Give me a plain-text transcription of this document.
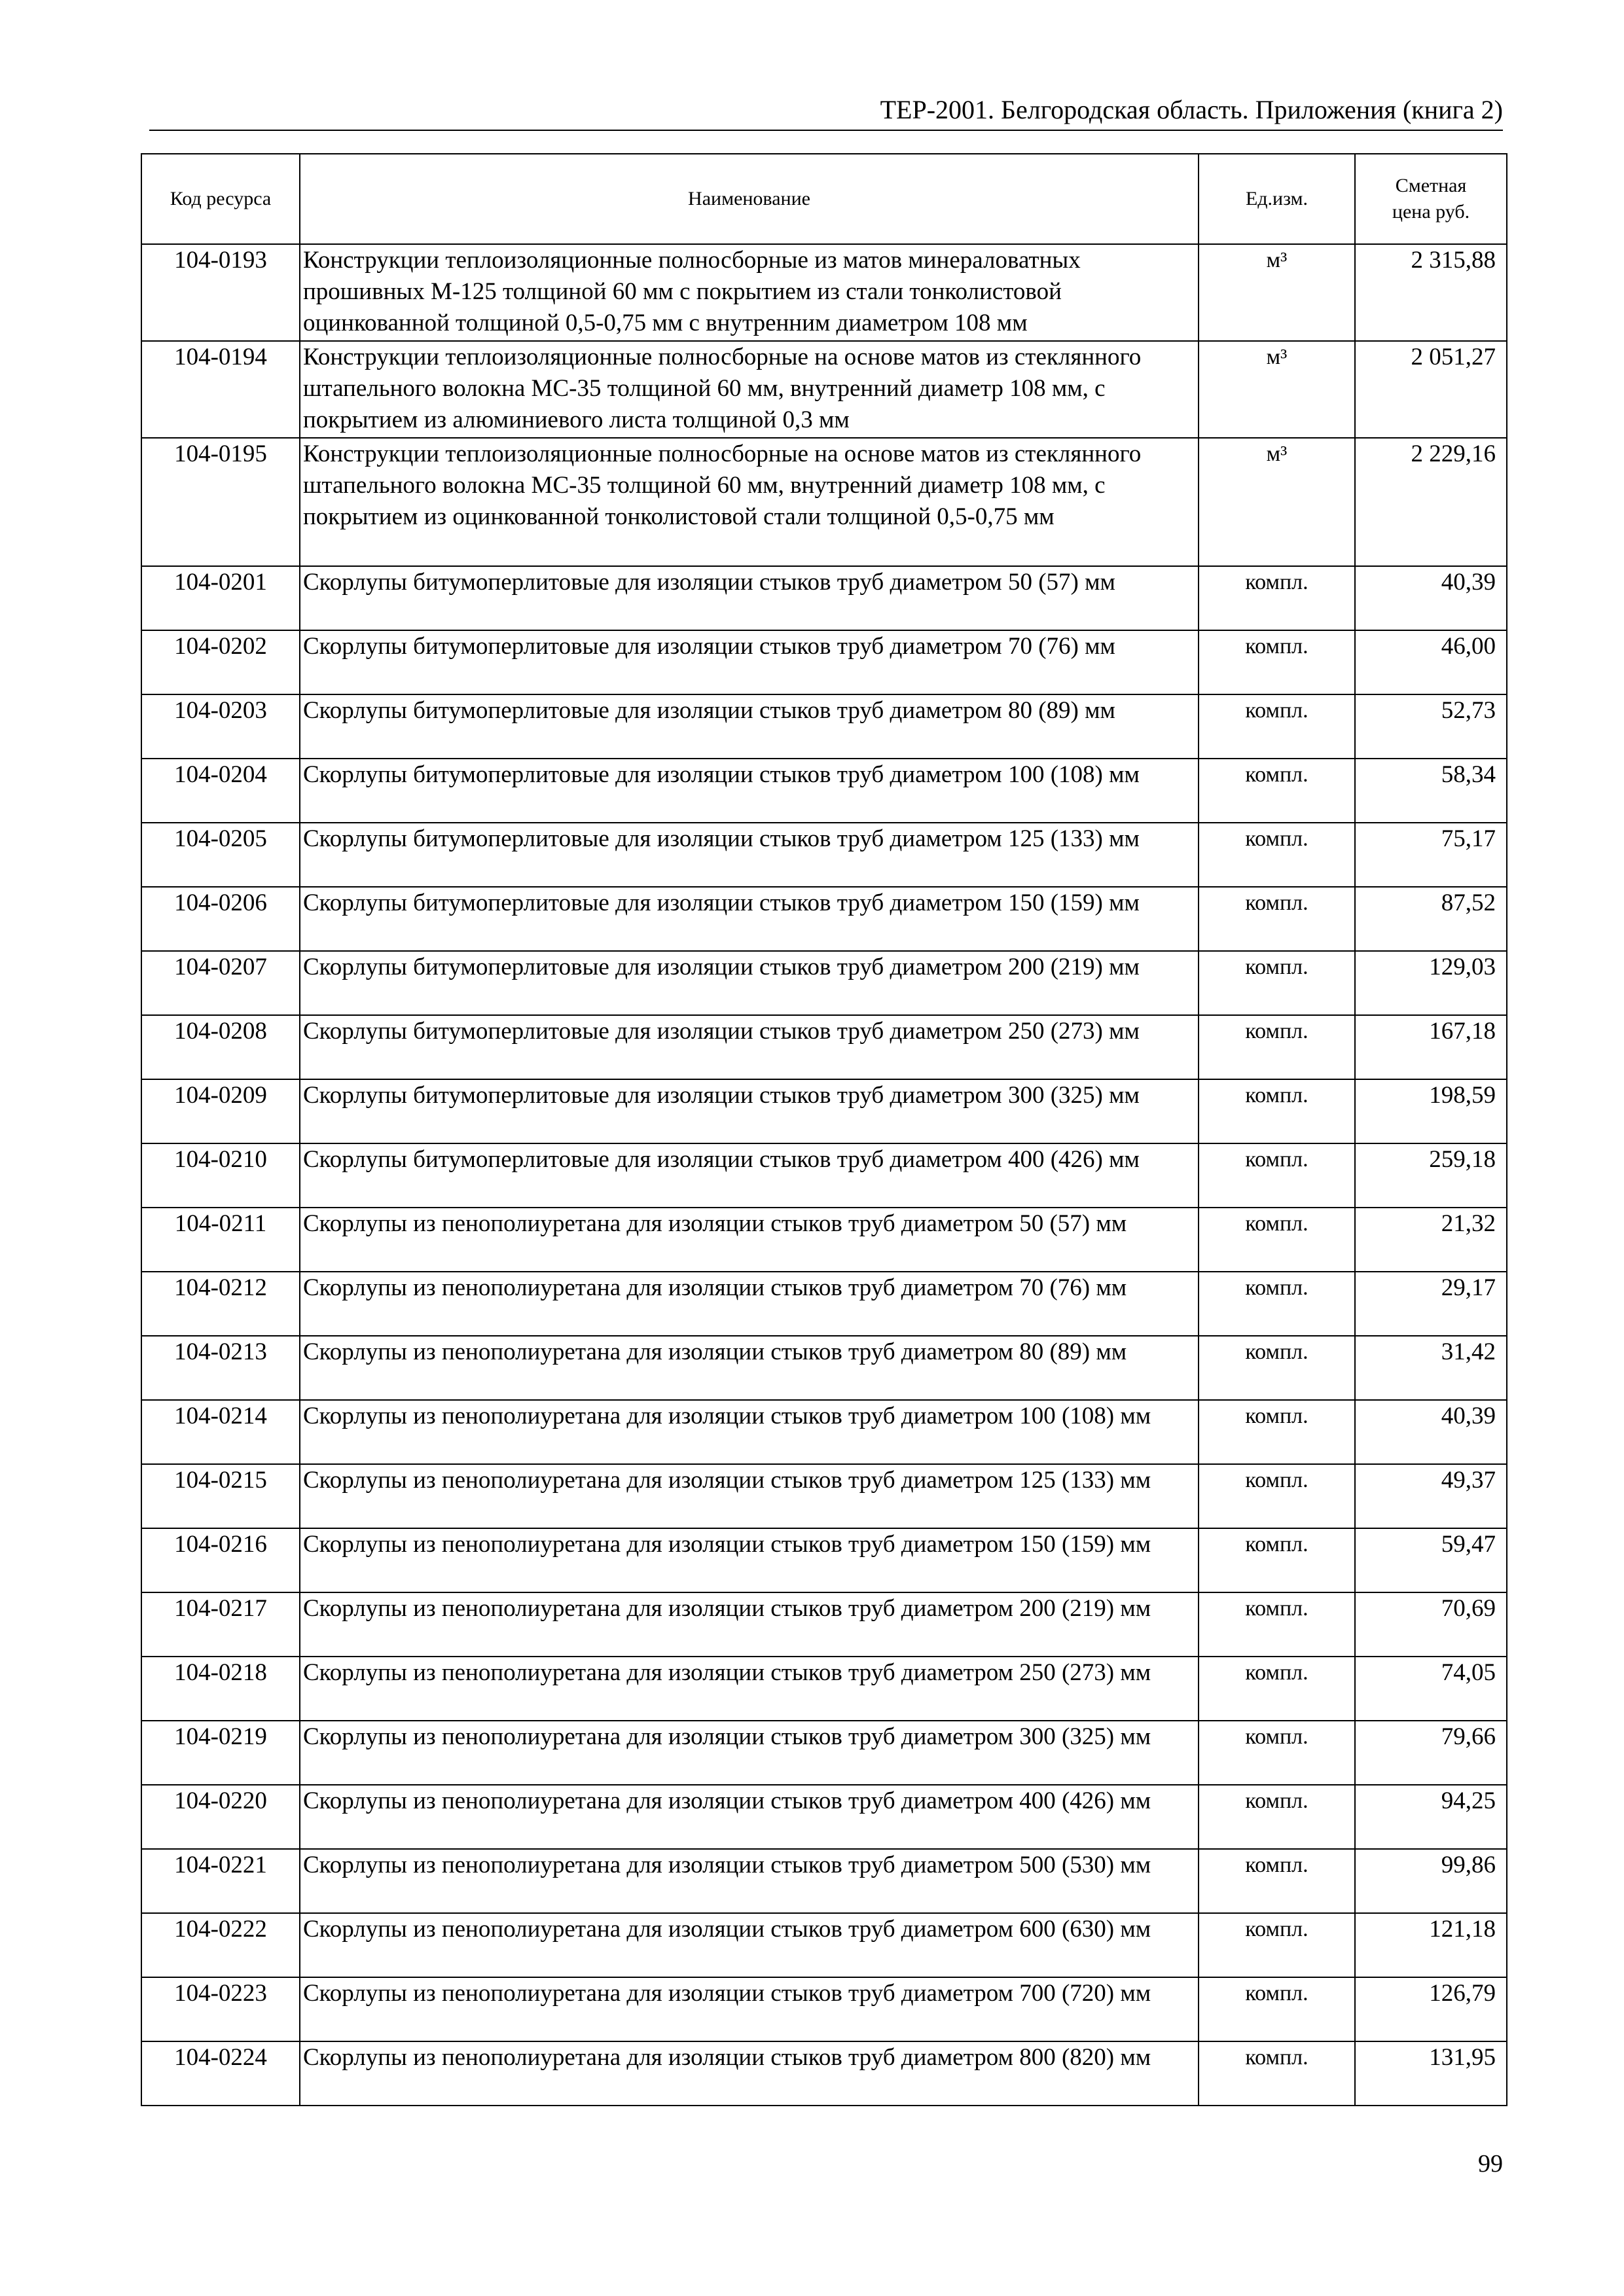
ТЕР-2001. Белгородская область. Приложения (книга 2)
Код ресурса	Наименование	Ед.изм.	Сметная цена руб.
104-0193	Конструкции теплоизоляционные полносборные из матов минераловатных прошивных М-125 толщиной 60 мм с покрытием из стали тонколистовой оцинкованной толщиной 0,5-0,75 мм с внутренним диаметром 108 мм	м³	2 315,88
104-0194	Конструкции теплоизоляционные полносборные на основе матов из стеклянного штапельного волокна МС-35 толщиной 60 мм, внутренний диаметр 108 мм, с покрытием из алюминиевого листа толщиной 0,3 мм	м³	2 051,27
104-0195	Конструкции теплоизоляционные полносборные на основе матов из стеклянного штапельного волокна МС-35 толщиной 60 мм, внутренний диаметр 108 мм, с покрытием из оцинкованной тонколистовой стали толщиной 0,5-0,75 мм	м³	2 229,16
104-0201	Скорлупы битумоперлитовые для изоляции стыков труб диаметром 50 (57) мм	компл.	40,39
104-0202	Скорлупы битумоперлитовые для изоляции стыков труб диаметром 70 (76) мм	компл.	46,00
104-0203	Скорлупы битумоперлитовые для изоляции стыков труб диаметром 80 (89) мм	компл.	52,73
104-0204	Скорлупы битумоперлитовые для изоляции стыков труб диаметром 100 (108) мм	компл.	58,34
104-0205	Скорлупы битумоперлитовые для изоляции стыков труб диаметром 125 (133) мм	компл.	75,17
104-0206	Скорлупы битумоперлитовые для изоляции стыков труб диаметром 150 (159) мм	компл.	87,52
104-0207	Скорлупы битумоперлитовые для изоляции стыков труб диаметром 200 (219) мм	компл.	129,03
104-0208	Скорлупы битумоперлитовые для изоляции стыков труб диаметром 250 (273) мм	компл.	167,18
104-0209	Скорлупы битумоперлитовые для изоляции стыков труб диаметром 300 (325) мм	компл.	198,59
104-0210	Скорлупы битумоперлитовые для изоляции стыков труб диаметром 400 (426) мм	компл.	259,18
104-0211	Скорлупы из пенополиуретана для изоляции стыков труб диаметром 50 (57) мм	компл.	21,32
104-0212	Скорлупы из пенополиуретана для изоляции стыков труб диаметром 70 (76) мм	компл.	29,17
104-0213	Скорлупы из пенополиуретана для изоляции стыков труб диаметром 80 (89) мм	компл.	31,42
104-0214	Скорлупы из пенополиуретана для изоляции стыков труб диаметром 100 (108) мм	компл.	40,39
104-0215	Скорлупы из пенополиуретана для изоляции стыков труб диаметром 125 (133) мм	компл.	49,37
104-0216	Скорлупы из пенополиуретана для изоляции стыков труб диаметром 150 (159) мм	компл.	59,47
104-0217	Скорлупы из пенополиуретана для изоляции стыков труб диаметром 200 (219) мм	компл.	70,69
104-0218	Скорлупы из пенополиуретана для изоляции стыков труб диаметром 250 (273) мм	компл.	74,05
104-0219	Скорлупы из пенополиуретана для изоляции стыков труб диаметром 300 (325) мм	компл.	79,66
104-0220	Скорлупы из пенополиуретана для изоляции стыков труб диаметром 400 (426) мм	компл.	94,25
104-0221	Скорлупы из пенополиуретана для изоляции стыков труб диаметром 500 (530) мм	компл.	99,86
104-0222	Скорлупы из пенополиуретана для изоляции стыков труб диаметром 600 (630) мм	компл.	121,18
104-0223	Скорлупы из пенополиуретана для изоляции стыков труб диаметром 700 (720) мм	компл.	126,79
104-0224	Скорлупы из пенополиуретана для изоляции стыков труб диаметром 800 (820) мм	компл.	131,95
99
